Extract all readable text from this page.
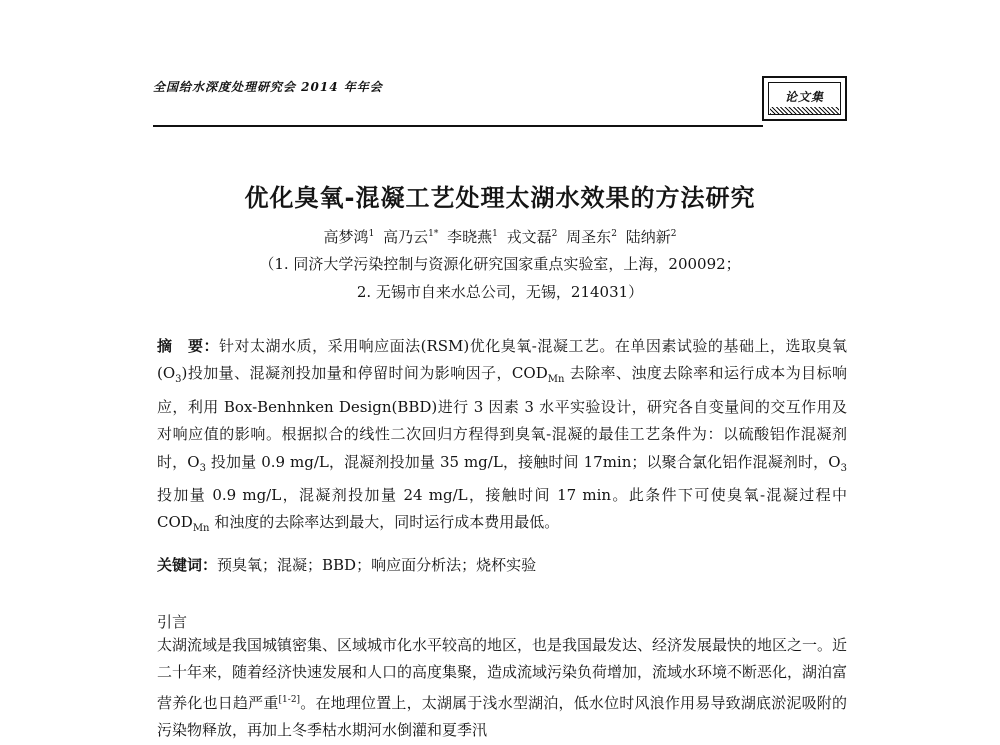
全国给水深度处理研究会 2014 年年会
论文集
优化臭氧-混凝工艺处理太湖水效果的方法研究
高梦鸿$^1$ 高乃云$^{1*}$ 李晓燕$^1$ 戎文磊$^2$ 周圣东$^2$ 陆纳新$^2$
（1. 同济大学污染控制与资源化研究国家重点实验室，上海，200092；
2. 无锡市自来水总公司，无锡，214031）
摘　要：针对太湖水质，采用响应面法(RSM)优化臭氧-混凝工艺。在单因素试验的基础上，选取臭氧$(O_3)$投加量、混凝剂投加量和停留时间为影响因子，$COD_{Mn}$ 去除率、浊度去除率和运行成本为目标响应，利用 Box-Benhnken Design(BBD)进行 3 因素 3 水平实验设计，研究各自变量间的交互作用及对响应值的影响。根据拟合的线性二次回归方程得到臭氧-混凝的最佳工艺条件为：以硫酸铝作混凝剂时，$O_3$ 投加量 0.9 mg/L，混凝剂投加量 35 mg/L，接触时间 17min；以聚合氯化铝作混凝剂时，$O_3$ 投加量 0.9 mg/L，混凝剂投加量 24 mg/L，接触时间 17 min。此条件下可使臭氧-混凝过程中 $COD_{Mn}$ 和浊度的去除率达到最大，同时运行成本费用最低。
关键词：预臭氧；混凝；BBD；响应面分析法；烧杯实验
引言
太湖流域是我国城镇密集、区域城市化水平较高的地区，也是我国最发达、经济发展最快的地区之一。近二十年来，随着经济快速发展和人口的高度集聚，造成流域污染负荷增加，流域水环境不断恶化，湖泊富营养化也日趋严重[1-2]。在地理位置上，太湖属于浅水型湖泊，低水位时风浪作用易导致湖底淤泥吸附的污染物释放，再加上冬季枯水期河水倒灌和夏季汛
